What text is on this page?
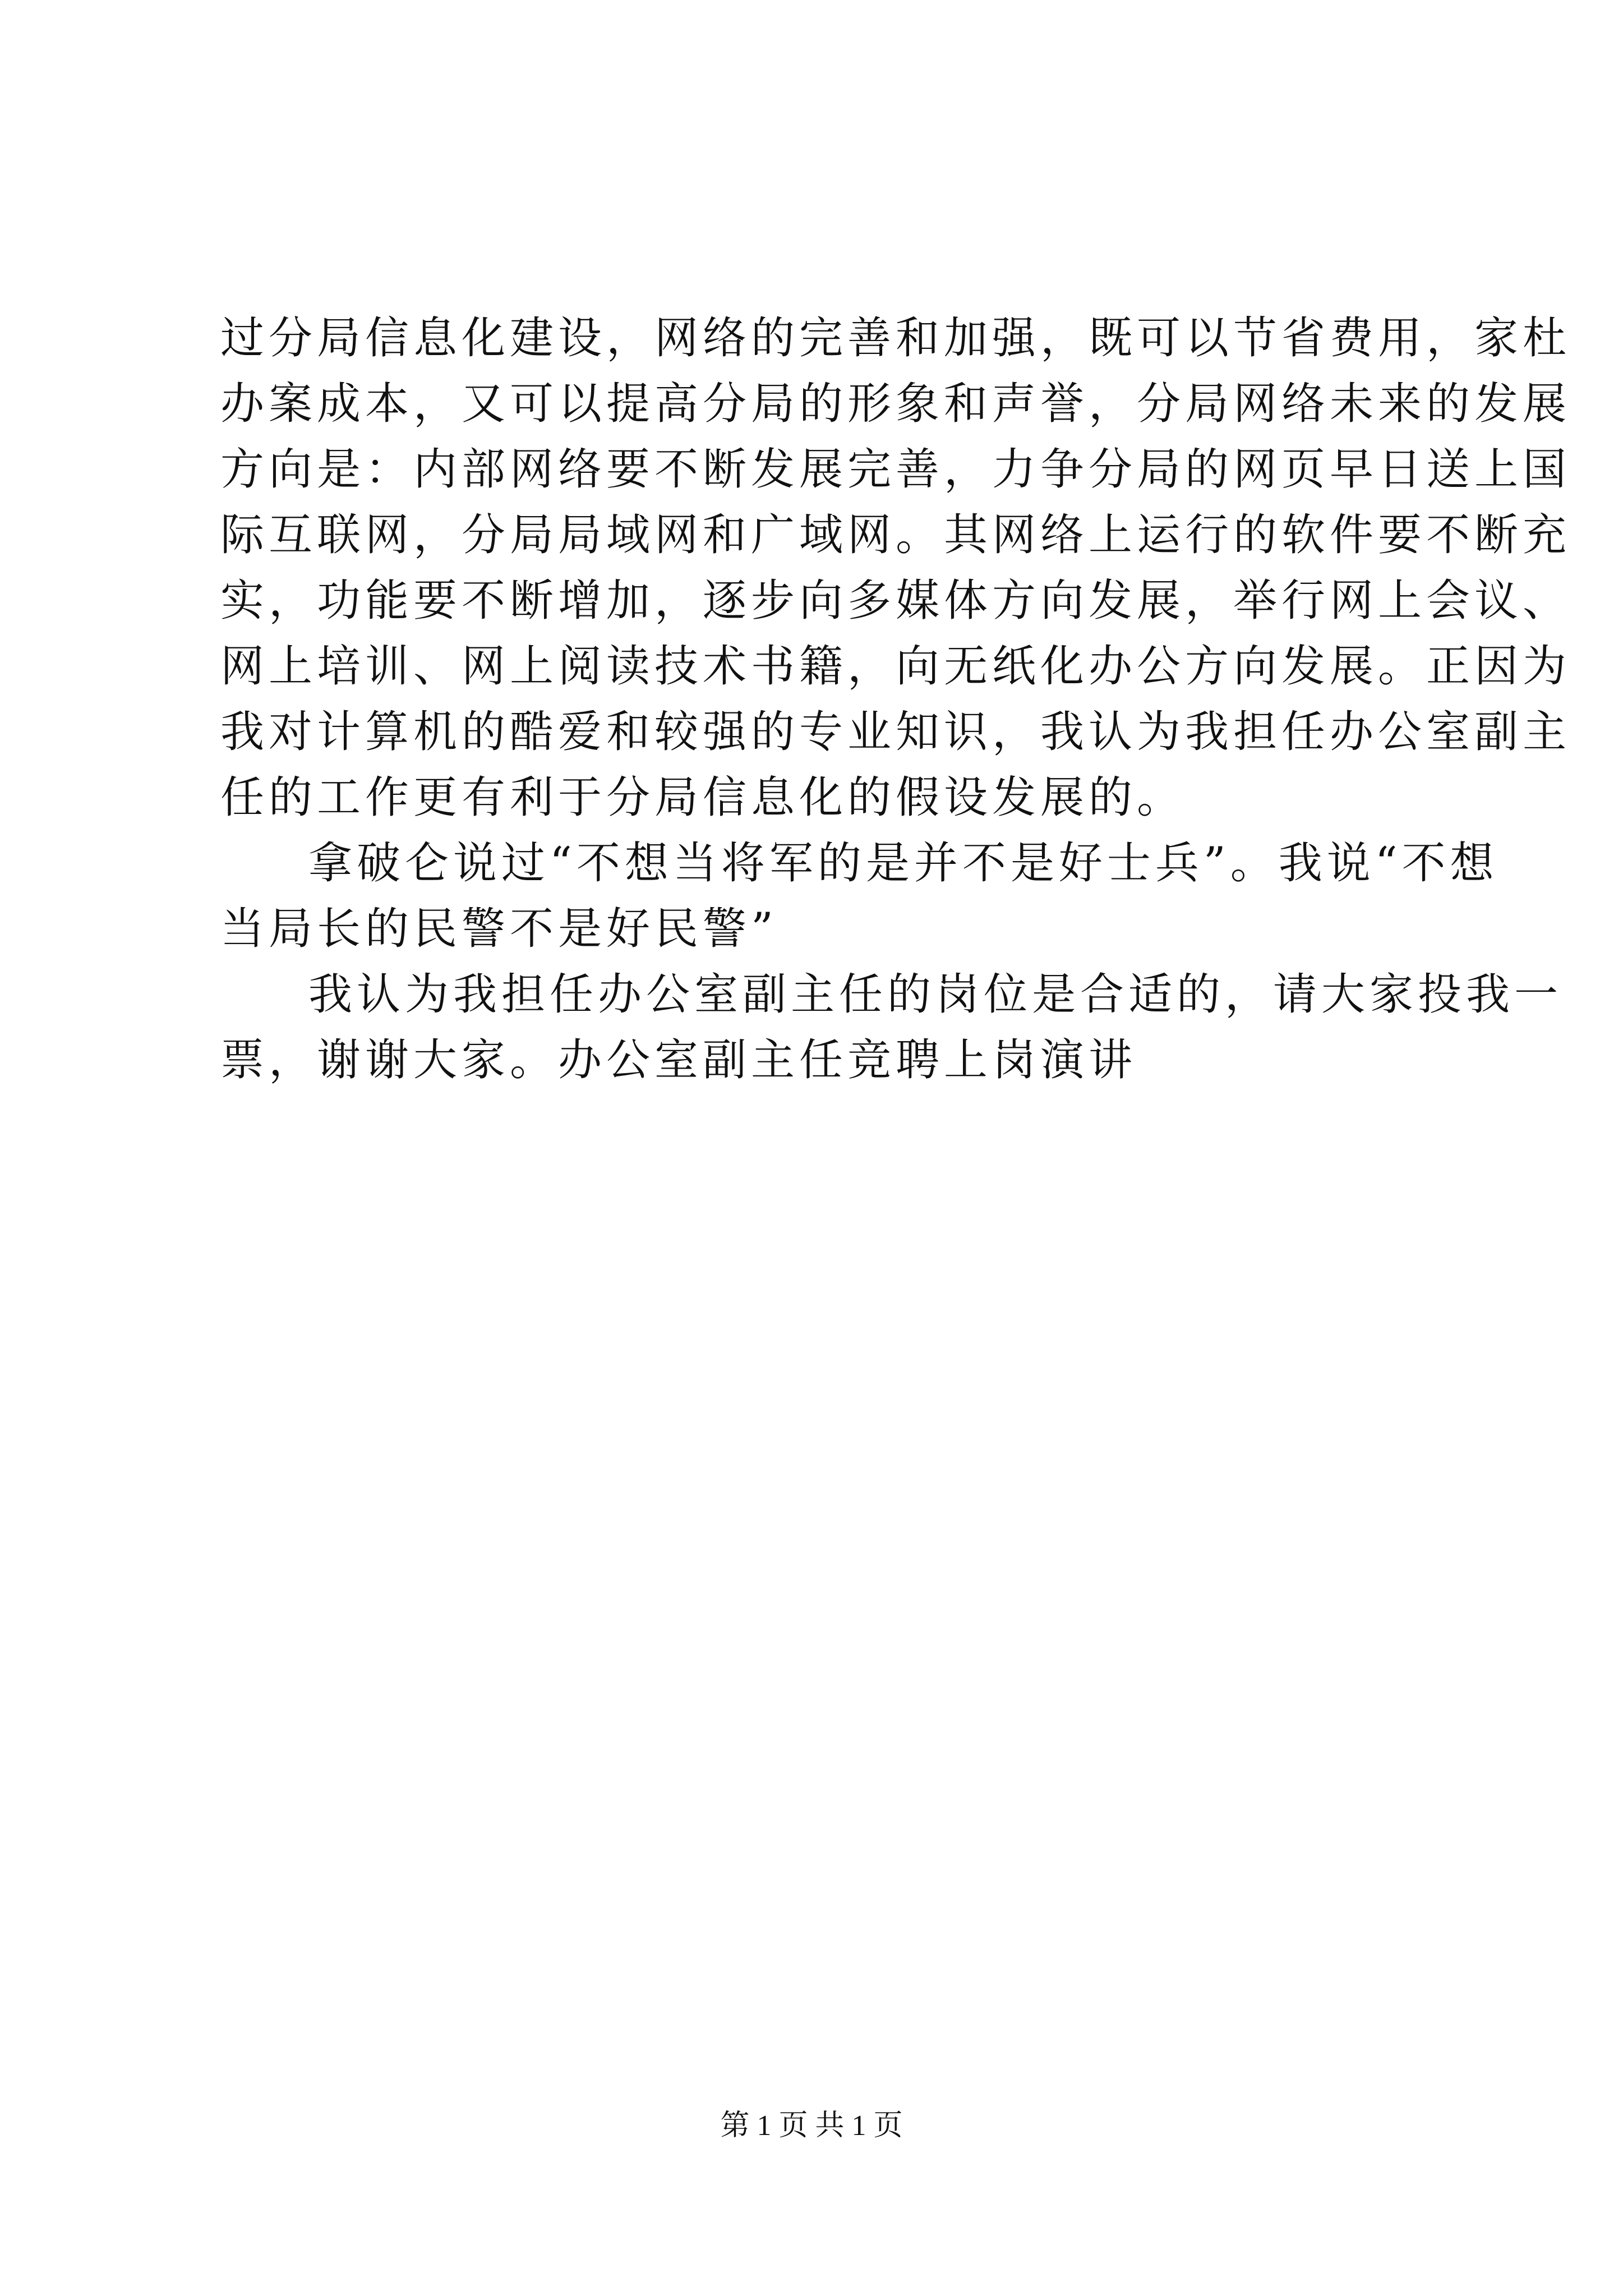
过分局信息化建设，网络的完善和加强，既可以节省费用，家杜
办案成本，又可以提高分局的形象和声誉，分局网络未来的发展
方向是：内部网络要不断发展完善，力争分局的网页早日送上国
际互联网，分局局域网和广域网。其网络上运行的软件要不断充
实，功能要不断增加，逐步向多媒体方向发展，举行网上会议、
网上培训、网上阅读技术书籍，向无纸化办公方向发展。正因为
我对计算机的酷爱和较强的专业知识，我认为我担任办公室副主
任的工作更有利于分局信息化的假设发展的。
拿破仑说过“不想当将军的是并不是好士兵”。我说“不想
当局长的民警不是好民警”
我认为我担任办公室副主任的岗位是合适的，请大家投我一
票，谢谢大家。办公室副主任竞聘上岗演讲
第 1 页 共 1 页
